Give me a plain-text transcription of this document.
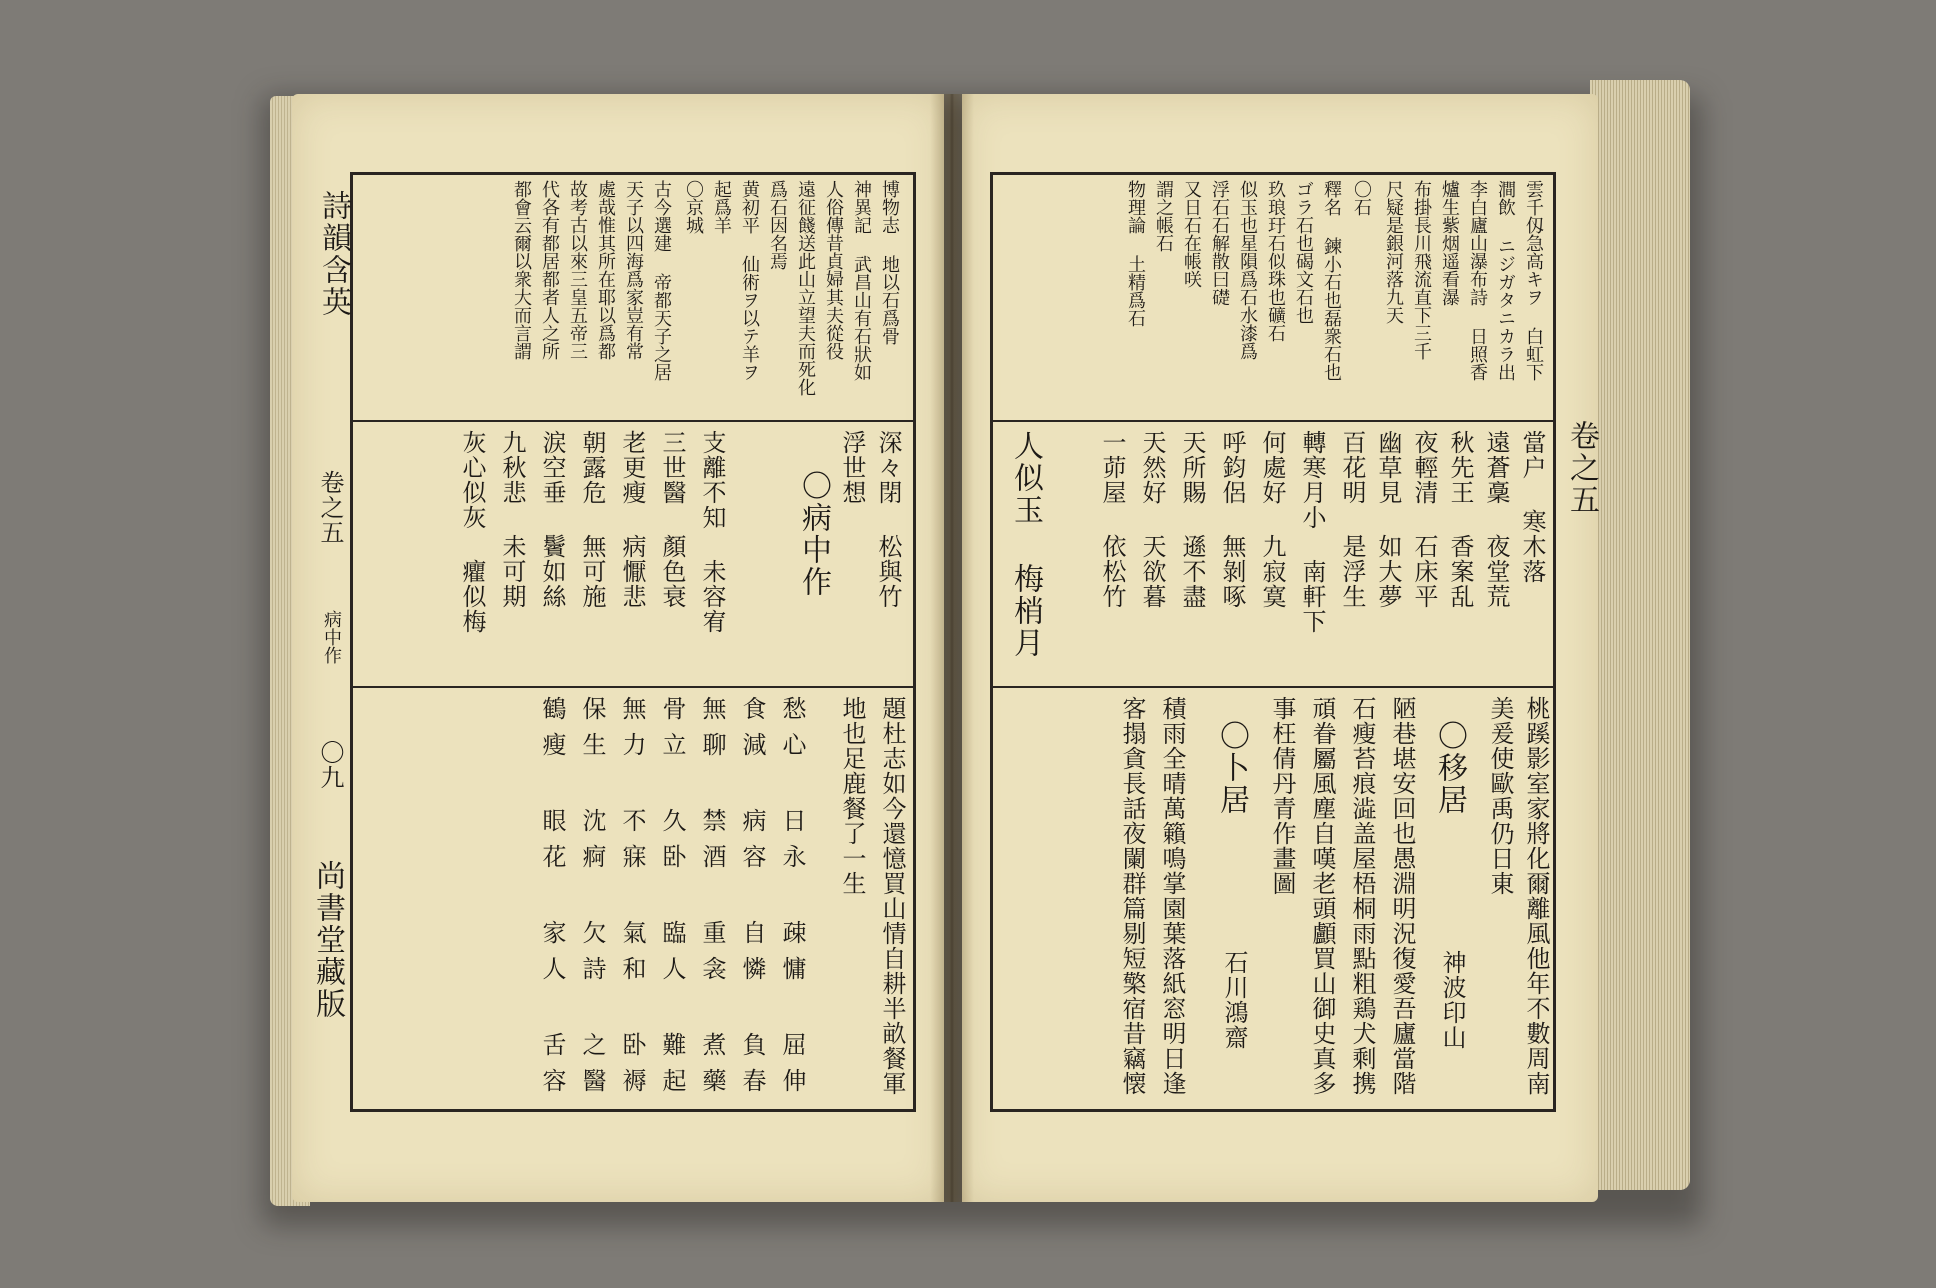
詩韻含英
卷之五
病中作
〇九
尚書堂藏版
博物志 地以石爲骨
神異記 武昌山有石狀如
人俗傳昔貞婦其夫從役
遠征餞送此山立望夫而死化
爲石因名焉
黄初平 仙術ヲ以テ羊ヲ
起爲羊
〇京城
古今選建 帝都天子之居
天子以四海爲家豈有常
處哉惟其所在耶以爲都
故考古以來三皇五帝三
代各有都居都者人之所
都會云爾以衆大而言謂
深々閉 松與竹
浮世想
〇病中作
支離不知 未容宥
三世醫 顏色衰
老更瘦 病懨悲
朝露危 無可施
涙空垂 鬢如絲
九秋悲 未可期
灰心似灰 癯似梅
題杜志如今還憶買山情自耕半畝餐軍
地也足鹿餐了一生
愁心 日永 疎慵 屈伸
食減 病容 自憐 負春
無聊 禁酒 重衾 煮藥
骨立 久卧 臨人 難起
無力 不寐 氣和 卧褥
保生 沈痾 欠詩 之醫
鶴瘦 眼花 家人 舌容
卷之五
雲千仭急高キヲ 白虹下
澗飲 ニジガタニカラ出
李白廬山瀑布詩 日照香
爐生紫烟遥看瀑
布掛長川飛流直下三千
尺疑是銀河落九天
〇石
釋名 鍊小石也磊衆石也
ゴラ石也碣文石也
玖琅玗石似珠也礦石
似玉也星隕爲石水漆爲
浮石石解散曰礎
又日石在帳咲
謂之帳石
物理論 土精爲石
當户 寒木落
遠蒼稾 夜堂荒
秋先王 香案乱
夜輕清 石床平
幽草見 如大夢
百花明 是浮生
轉寒月小 南軒下
何處好 九寂寞
呼鈞侶 無剝啄
天所賜 遜不盡
天然好 天欲暮
一茆屋 依松竹
人似玉 梅梢月
桃蹊影室家將化爾離風他年不數周南
美爰使歐禹仍日東
〇移居
神波印山
陋巷堪安回也愚淵明況復愛吾廬當階
石瘦苔痕澁盖屋梧桐雨點粗鶏犬剩携
頑眷屬風塵自嘆老頭顱買山御史真多
事枉倩丹青作畫圖
〇卜居
石川鴻齋
積雨全晴萬籟鳴掌園葉落紙窓明日逢
客搨貪長話夜闌群篇剔短檠宿昔竊懐
